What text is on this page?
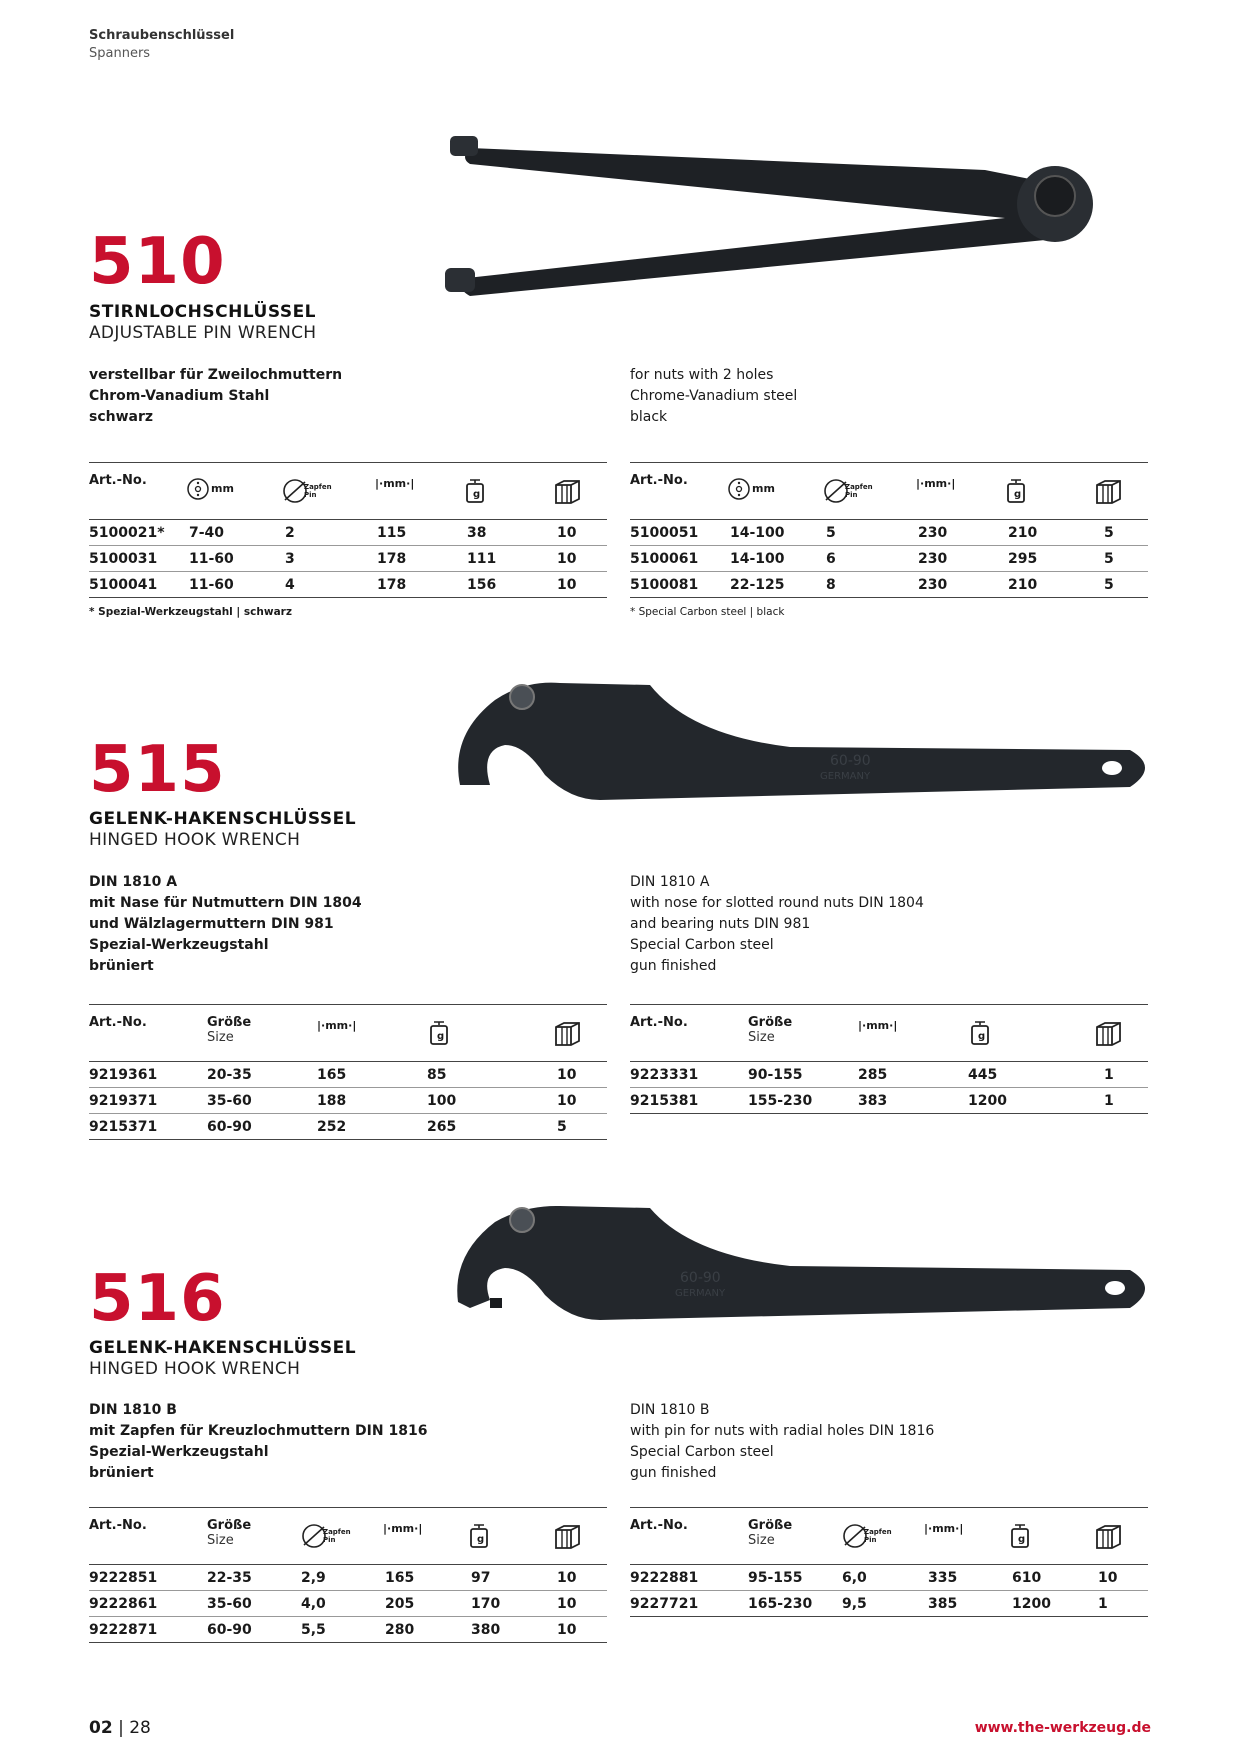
Schraubenschlüssel
Spanners
510
STIRNLOCHSCHLÜSSEL
ADJUSTABLE PIN WRENCH
verstellbar für Zweilochmuttern
Chrom-Vanadium Stahl
schwarz
for nuts with 2 holes
Chrome-Vanadium steel
black
Art.-No.
mm	Zapfen
Pin
|·mm·|
g
5100021* 7-40	2	115	38	10
5100031 11-60	3	178	111	10
5100041 11-60	4	178	156	10
* Spezial-Werkzeugstahl | schwarz
Art.-No.
mm	Zapfen
Pin
|·mm·|
g
5100051 14-100	5	230	210	5
5100061 14-100	6	230	295	5
5100081 22-125	8	230	210	5
* Special Carbon steel | black
60-90
GERMANY
515
GELENK-HAKENSCHLÜSSEL
HINGED HOOK WRENCH
DIN 1810 A
mit Nase für Nutmuttern DIN 1804
und Wälzlagermuttern DIN 981
Spezial-Werkzeugstahl
brüniert
DIN 1810 A
with nose for slotted round nuts DIN 1804
and bearing nuts DIN 981
Special Carbon steel
gun finished
Art.-No.	Größe
Size
|·mm·|
g
9219361	20-35	165	85	10
9219371	35-60	188	100	10
9215371	60-90	252	265	5
Art.-No.	Größe
Size
|·mm·|
g
9223331	90-155	285	445	1
9215381	155-230	383	1200	1
60-90
GERMANY
516
GELENK-HAKENSCHLÜSSEL
HINGED HOOK WRENCH
DIN 1810 B
mit Zapfen für Kreuzlochmuttern DIN 1816
Spezial-Werkzeugstahl
brüniert
DIN 1810 B
with pin for nuts with radial holes DIN 1816
Special Carbon steel
gun finished
Art.-No.	Größe
Size
Zapfen
Pin
|·mm·|
g
9222851	22-35	2,9	165	97	10
9222861	35-60	4,0	205	170	10
9222871	60-90	5,5	280	380	10
Art.-No.	Größe
Size
Zapfen
Pin
|·mm·|
g
9222881	95-155	6,0	335	610	10
9227721	165-230 9,5	385	1200	1
02 | 28	www.the-werkzeug.de
